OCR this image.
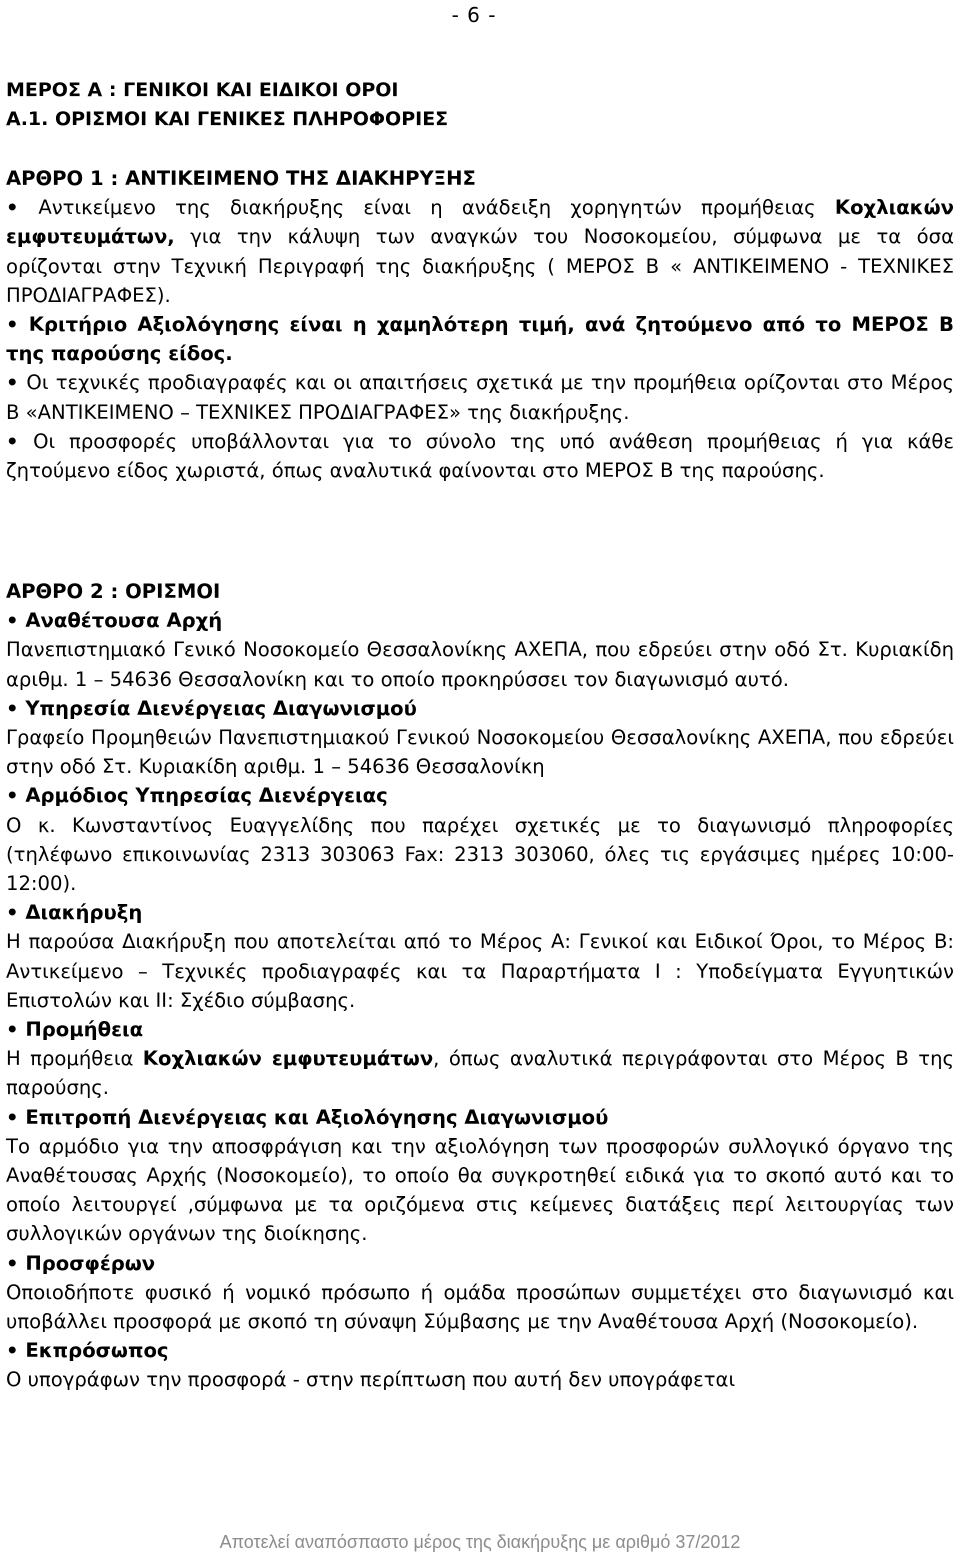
- 6 -
ΜΕΡΟΣ Α : ΓΕΝΙΚΟΙ ΚΑΙ ΕΙΔΙΚΟΙ ΟΡΟΙ
Α.1. ΟΡΙΣΜΟΙ ΚΑΙ ΓΕΝΙΚΕΣ ΠΛΗΡΟΦΟΡΙΕΣ
ΑΡΘΡΟ 1 : ΑΝΤΙΚΕΙΜΕΝΟ ΤΗΣ ΔΙΑΚΗΡΥΞΗΣ
• Αντικείμενο της διακήρυξης είναι η ανάδειξη χορηγητών προμήθειας Κοχλιακών εμφυτευμάτων, για την κάλυψη των αναγκών του Νοσοκομείου, σύμφωνα με τα όσα ορίζονται στην Τεχνική Περιγραφή της διακήρυξης ( ΜΕΡΟΣ Β « ΑΝΤΙΚΕΙΜΕΝΟ - ΤΕΧΝΙΚΕΣ ΠΡΟΔΙΑΓΡΑΦΕΣ).
• Κριτήριο Αξιολόγησης είναι η χαμηλότερη τιμή, ανά ζητούμενο από το ΜΕΡΟΣ Β της παρούσης είδος.
• Οι τεχνικές προδιαγραφές και οι απαιτήσεις σχετικά με την προμήθεια ορίζονται στο Μέρος Β «ΑΝΤΙΚΕΙΜΕΝΟ – ΤΕΧΝΙΚΕΣ ΠΡΟΔΙΑΓΡΑΦΕΣ» της διακήρυξης.
• Οι προσφορές υποβάλλονται για το σύνολο της υπό ανάθεση προμήθειας ή για κάθε ζητούμενο είδος χωριστά, όπως αναλυτικά φαίνονται στο ΜΕΡΟΣ Β της παρούσης.
ΑΡΘΡΟ 2 : ΟΡΙΣΜΟΙ
• Αναθέτουσα Αρχή
Πανεπιστημιακό Γενικό Νοσοκομείο Θεσσαλονίκης ΑΧΕΠΑ, που εδρεύει στην οδό Στ. Κυριακίδη αριθμ. 1 – 54636 Θεσσαλονίκη και το οποίο προκηρύσσει τον διαγωνισμό αυτό.
• Υπηρεσία Διενέργειας Διαγωνισμού
Γραφείο Προμηθειών Πανεπιστημιακού Γενικού Νοσοκομείου Θεσσαλονίκης ΑΧΕΠΑ, που εδρεύει στην οδό Στ. Κυριακίδη αριθμ. 1 – 54636 Θεσσαλονίκη
• Αρμόδιος Υπηρεσίας Διενέργειας
Ο κ. Κωνσταντίνος Ευαγγελίδης που παρέχει σχετικές με το διαγωνισμό πληροφορίες (τηλέφωνο επικοινωνίας 2313 303063 Fax: 2313 303060, όλες τις εργάσιμες ημέρες 10:00-12:00).
• Διακήρυξη
Η παρούσα Διακήρυξη που αποτελείται από το Μέρος Α: Γενικοί και Ειδικοί Όροι, το Μέρος Β: Αντικείμενο – Τεχνικές προδιαγραφές και τα Παραρτήματα Ι : Υποδείγματα Εγγυητικών Επιστολών και ΙΙ: Σχέδιο σύμβασης.
• Προμήθεια
Η προμήθεια Κοχλιακών εμφυτευμάτων, όπως αναλυτικά περιγράφονται στο Μέρος Β της παρούσης.
• Επιτροπή Διενέργειας και Αξιολόγησης Διαγωνισμού
Το αρμόδιο για την αποσφράγιση και την αξιολόγηση των προσφορών συλλογικό όργανο της Αναθέτουσας Αρχής (Νοσοκομείο), το οποίο θα συγκροτηθεί ειδικά για το σκοπό αυτό και το οποίο λειτουργεί ,σύμφωνα με τα οριζόμενα στις κείμενες διατάξεις περί λειτουργίας των συλλογικών οργάνων της διοίκησης.
• Προσφέρων
Οποιοδήποτε φυσικό ή νομικό πρόσωπο ή ομάδα προσώπων συμμετέχει στο διαγωνισμό και υποβάλλει προσφορά με σκοπό τη σύναψη Σύμβασης με την Αναθέτουσα Αρχή (Νοσοκομείο).
• Εκπρόσωπος
Ο υπογράφων την προσφορά - στην περίπτωση που αυτή δεν υπογράφεται
Αποτελεί αναπόσπαστο μέρος της διακήρυξης με αριθμό 37/2012
